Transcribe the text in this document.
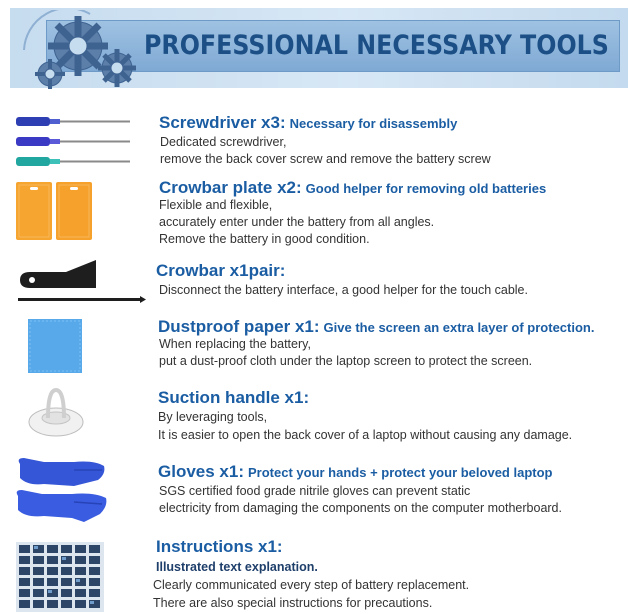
PROFESSIONAL NECESSARY TOOLS
Screwdriver x3: Necessary for disassembly
Dedicated screwdriver,
remove the back cover screw and remove the battery screw
Crowbar plate x2: Good helper for removing old batteries
Flexible and flexible,
accurately enter under the battery from all angles.
Remove the battery in good condition.
Crowbar x1pair:
Disconnect the battery interface, a good helper for the touch cable.
Dustproof paper x1: Give the screen an extra layer of protection.
When replacing the battery,
put a dust-proof cloth under the laptop screen to protect the screen.
Suction handle x1:
By leveraging tools,
It is easier to open the back cover of a laptop without causing any damage.
Gloves x1: Protect your hands + protect your beloved laptop
SGS certified food grade nitrile gloves can prevent static
electricity from damaging the components on the computer motherboard.
Instructions x1:
Illustrated text explanation.
Clearly communicated every step of battery replacement.
There are also special instructions for precautions.
